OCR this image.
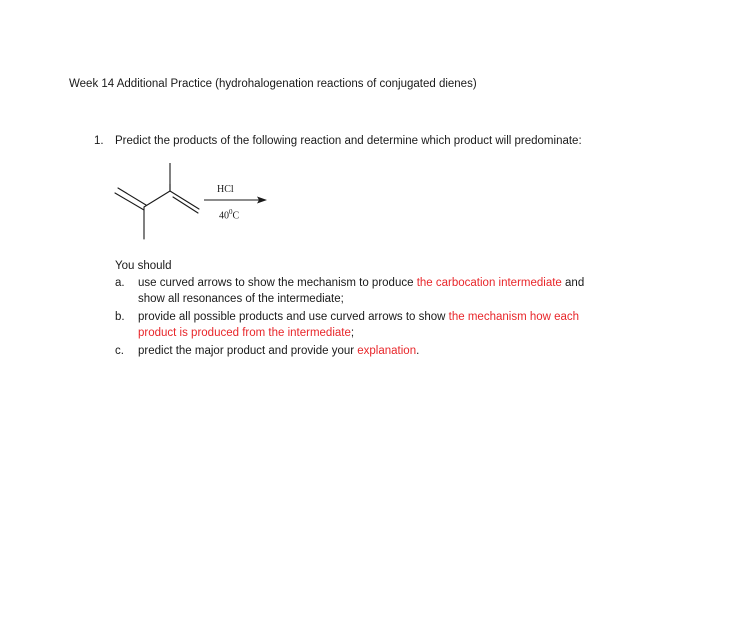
Week 14 Additional Practice (hydrohalogenation reactions of conjugated dienes)
1. Predict the products of the following reaction and determine which product will predominate:
HCl
$40^0C$
You should
a.	use curved arrows to show the mechanism to produce the carbocation intermediate and
show all resonances of the intermediate;
b.	provide all possible products and use curved arrows to show the mechanism how each
product is produced from the intermediate;
c.	predict the major product and provide your explanation.
